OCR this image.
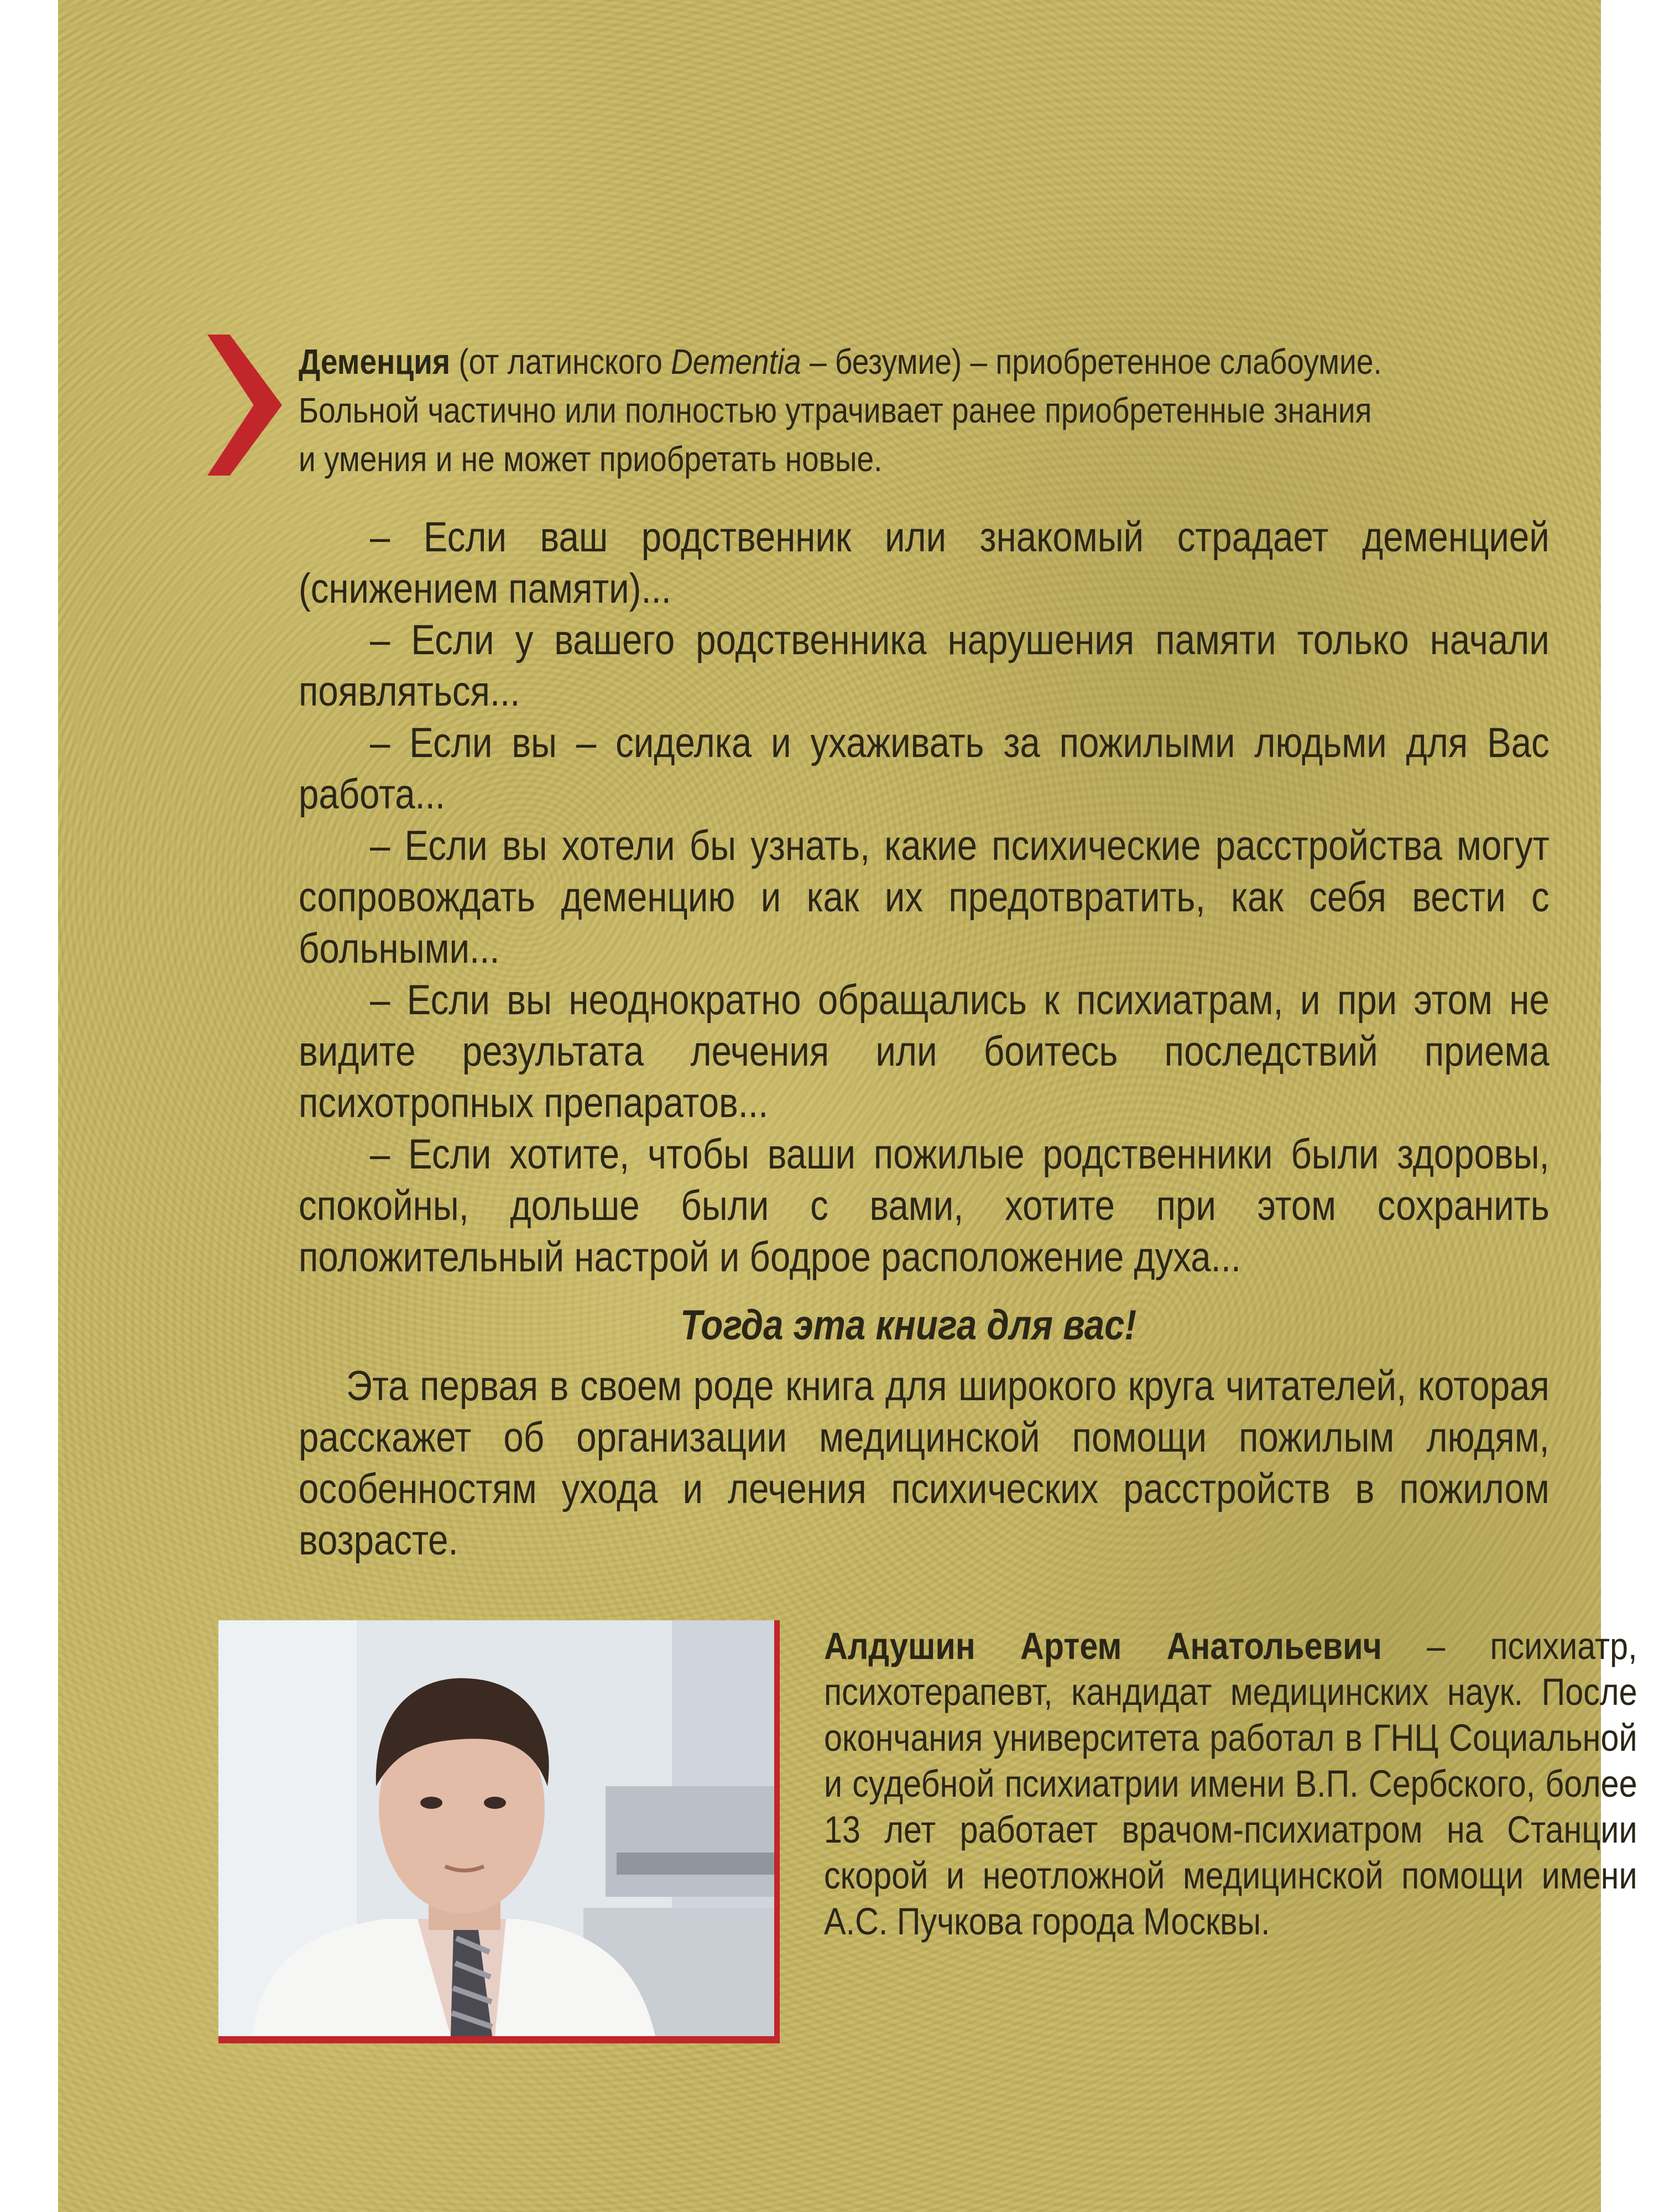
Деменция (от латинского Dementia – безумие) – приобретенное слабоумие.
Больной частично или полностью утрачивает ранее приобретенные знания
и умения и не может приобретать новые.

– Если ваш родственник или знакомый страдает деменцией (снижением памяти)...

– Если у вашего родственника нарушения памяти только начали появляться...

– Если вы – сиделка и ухаживать за пожилыми людьми для Вас работа...

– Если вы хотели бы узнать, какие психические расстройства могут сопровождать деменцию и как их предотвратить, как себя вести с больными...

– Если вы неоднократно обращались к психиатрам, и при этом не видите результата лечения или боитесь последствий приема психотропных препаратов...

– Если хотите, чтобы ваши пожилые родственники были здоровы, спокойны, дольше были с вами, хотите при этом сохранить положительный настрой и бодрое расположение духа...

Тогда эта книга для вас!

Эта первая в своем роде книга для широкого круга читателей, которая расскажет об организации медицинской помощи пожилым людям, особенностям ухода и лечения психических расстройств в пожилом возрасте.

Алдушин Артем Анатольевич – психиатр, психотерапевт, кандидат медицинских наук. После окончания университета работал в ГНЦ Социальной и судебной психиатрии имени В.П. Сербского, более 13 лет работает врачом-психиатром на Станции скорой и неотложной медицинской помощи имени А.С. Пучкова города Москвы.
